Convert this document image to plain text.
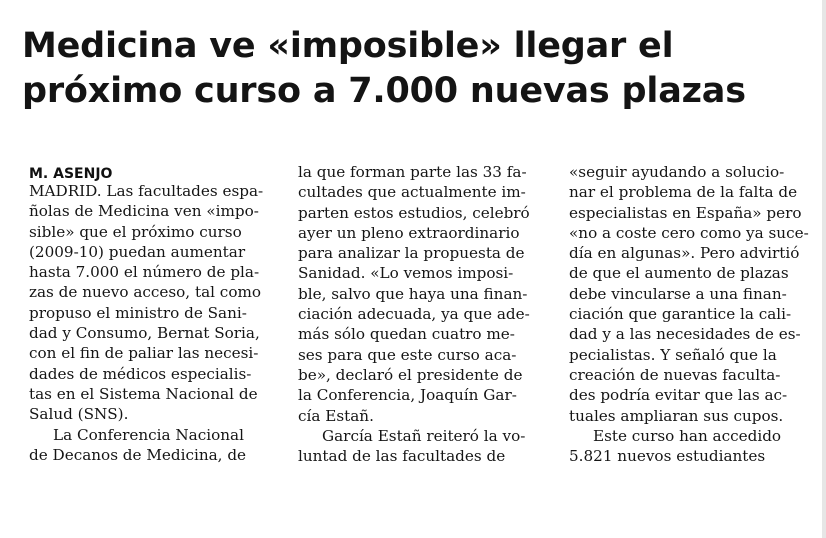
Medicina ve «imposible» llegar el
próximo curso a 7.000 nuevas plazas
M. ASENJO
MADRID. Las facultades espa-
ñolas de Medicina ven «impo-
sible» que el próximo curso
(2009-10) puedan aumentar
hasta 7.000 el número de pla-
zas de nuevo acceso, tal como
propuso el ministro de Sani-
dad y Consumo, Bernat Soria,
con el fin de paliar las necesi-
dades de médicos especialis-
tas en el Sistema Nacional de
Salud (SNS).
La Conferencia Nacional
de Decanos de Medicina, de
la que forman parte las 33 fa-
cultades que actualmente im-
parten estos estudios, celebró
ayer un pleno extraordinario
para analizar la propuesta de
Sanidad. «Lo vemos imposi-
ble, salvo que haya una finan-
ciación adecuada, ya que ade-
más sólo quedan cuatro me-
ses para que este curso aca-
be», declaró el presidente de
la Conferencia, Joaquín Gar-
cía Estañ.
García Estañ reiteró la vo-
luntad de las facultades de
«seguir ayudando a solucio-
nar el problema de la falta de
especialistas en España» pero
«no a coste cero como ya suce-
día en algunas». Pero advirtió
de que el aumento de plazas
debe vincularse a una finan-
ciación que garantice la cali-
dad y a las necesidades de es-
pecialistas. Y señaló que la
creación de nuevas faculta-
des podría evitar que las ac-
tuales ampliaran sus cupos.
Este curso han accedido
5.821 nuevos estudiantes
